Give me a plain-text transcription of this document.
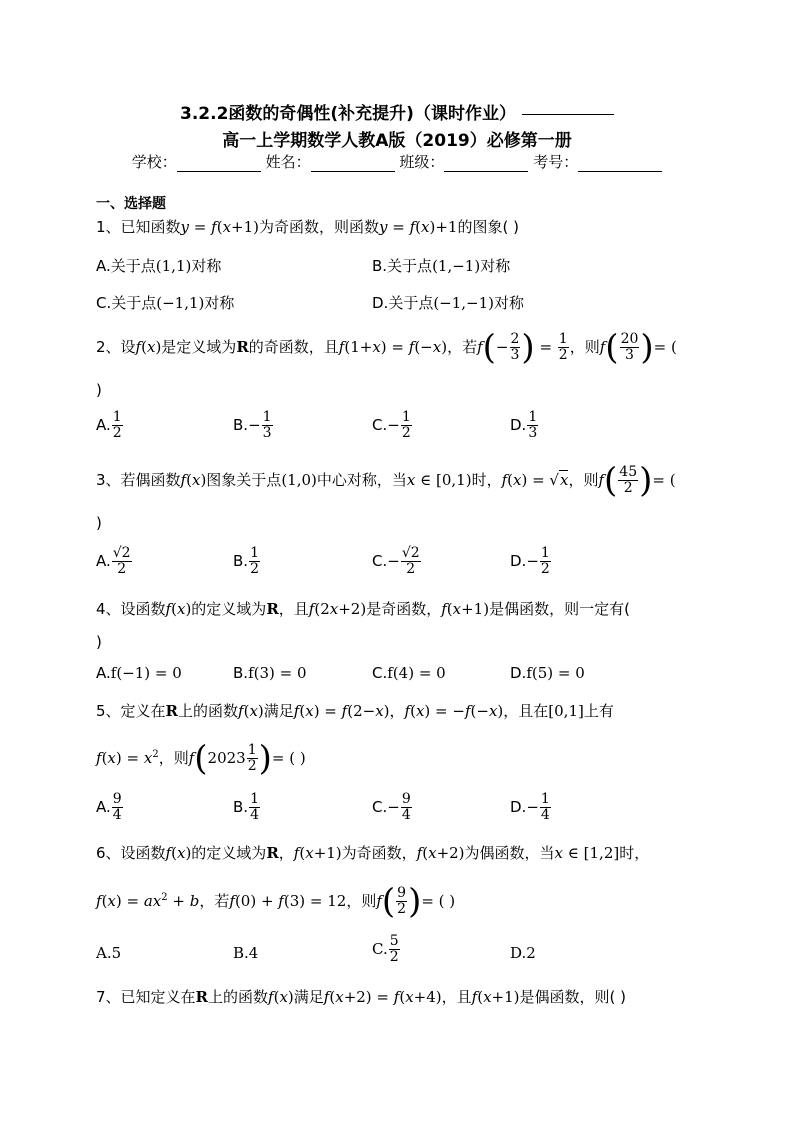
3.2.2函数的奇偶性(补充提升)（课时作业）
高一上学期数学人教A版（2019）必修第一册
学校：	姓名：	班级：	考号：
一、选择题
1、已知函数y = f(x+1)为奇函数，则函数y = f(x)+1的图象( )
A.关于点(1,1)对称	B.关于点(1,−1)对称
C.关于点(−1,1)对称	D.关于点(−1,−1)对称
2、设f(x)是定义域为R的奇函数，且f(1+x) = f(−x)，若$f(- \frac{2}{3}$ ) = $\frac{1}{2}$ ，则$f( \frac{20}{3}$ )= (
)
A. $\frac{1}{2}$	$B.- \frac{1}{3}$	$C.- \frac{1}{2}$	D. $\frac{1}{3}$
3、若偶函数f(x)图象关于点(1,0)中心对称，当x ∈ [0,1)时，f(x) = √x，则$f( \frac{45}{2}$ )= (
)
A. $\frac{√2}{2}$	B. $\frac{1}{2}$	$C.- \frac{√2}{2}$	$D.- \frac{1}{2}$
4、设函数f(x)的定义域为R，且f(2x+2)是奇函数，f(x+1)是偶函数，则一定有(
)
A.f(−1) = 0	B.f(3) = 0	C.f(4) = 0	D.f(5) = 0
5、定义在R上的函数f(x)满足f(x) = f(2−x)，f(x) = −f(−x)，且在[0,1]上有
$f(x) = x^2$，则$f(2023 \frac{1}{2}$ )= ( )
A. $\frac{9}{4}$	B. $\frac{1}{4}$	$C.- \frac{9}{4}$	$D.- \frac{1}{4}$
6、设函数f(x)的定义域为R，f(x+1)为奇函数，f(x+2)为偶函数，当x ∈ [1,2]时，
$f(x) = ax^2 + b$，若f(0) + f(3) = 12，则$f( \frac{9}{2}$ )= ( )
A.5	B.4	C. $\frac{5}{2}$	D.2
7、已知定义在R上的函数f(x)满足f(x+2) = f(x+4)，且f(x+1)是偶函数，则( )
